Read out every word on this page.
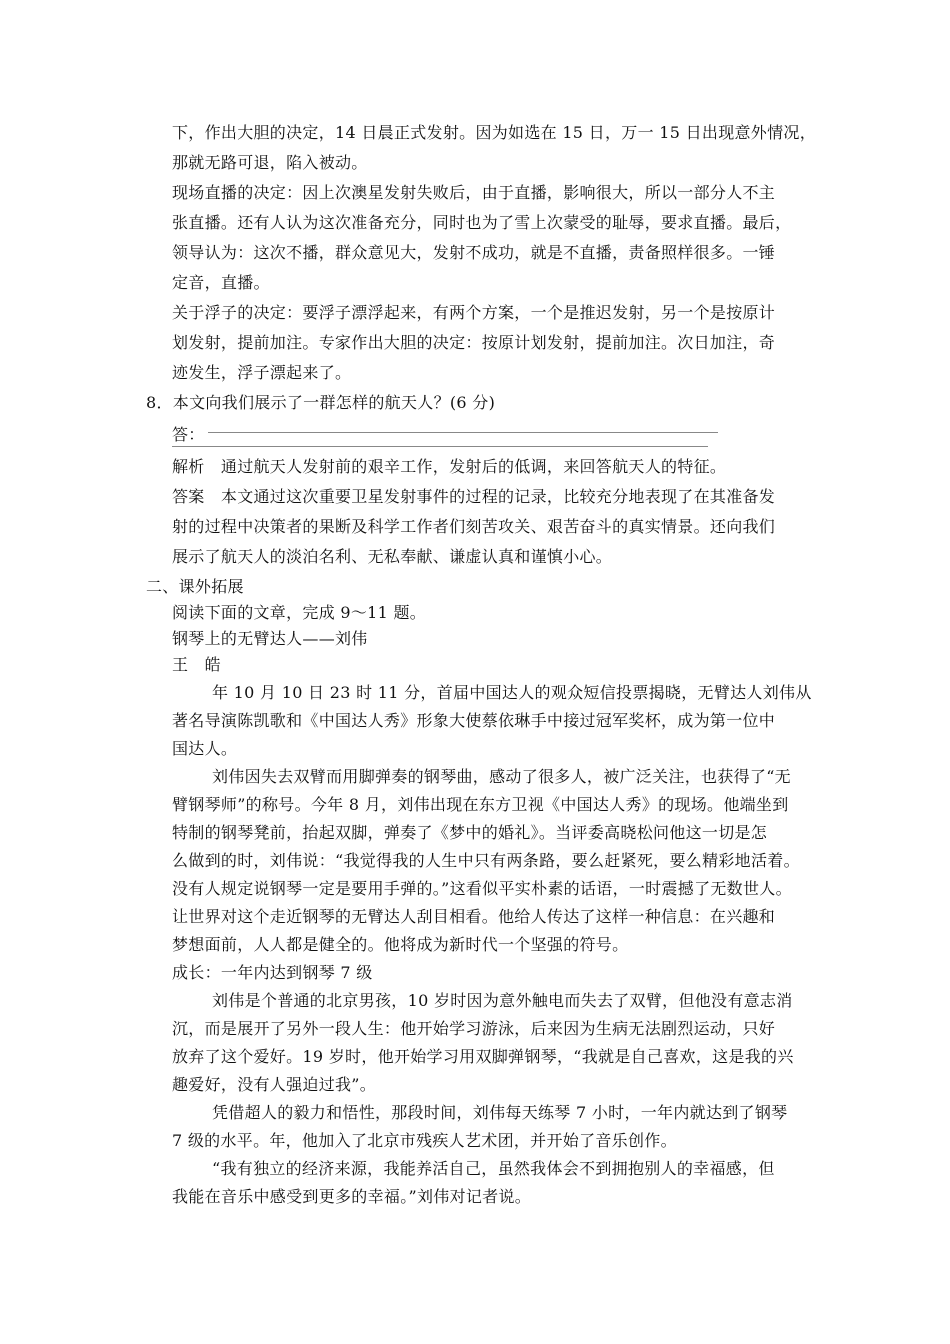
下，作出大胆的决定，14 日晨正式发射。因为如选在 15 日，万一 15 日出现意外情况，
那就无路可退，陷入被动。
现场直播的决定：因上次澳星发射失败后，由于直播，影响很大，所以一部分人不主
张直播。还有人认为这次准备充分，同时也为了雪上次蒙受的耻辱，要求直播。最后，
领导认为：这次不播，群众意见大，发射不成功，就是不直播，责备照样很多。一锤
定音，直播。
关于浮子的决定：要浮子漂浮起来，有两个方案，一个是推迟发射，另一个是按原计
划发射，提前加注。专家作出大胆的决定：按原计划发射，提前加注。次日加注，奇
迹发生，浮子漂起来了。
8．本文向我们展示了一群怎样的航天人？(6 分)
答：
解析　通过航天人发射前的艰辛工作，发射后的低调，来回答航天人的特征。
答案　本文通过这次重要卫星发射事件的过程的记录，比较充分地表现了在其准备发
射的过程中决策者的果断及科学工作者们刻苦攻关、艰苦奋斗的真实情景。还向我们
展示了航天人的淡泊名利、无私奉献、谦虚认真和谨慎小心。
二、课外拓展
阅读下面的文章，完成 9～11 题。
钢琴上的无臂达人——刘伟
王　皓
年 10 月 10 日 23 时 11 分，首届中国达人的观众短信投票揭晓，无臂达人刘伟从
著名导演陈凯歌和《中国达人秀》形象大使蔡依琳手中接过冠军奖杯，成为第一位中
国达人。
刘伟因失去双臂而用脚弹奏的钢琴曲，感动了很多人，被广泛关注，也获得了“无
臂钢琴师”的称号。今年 8 月，刘伟出现在东方卫视《中国达人秀》的现场。他端坐到
特制的钢琴凳前，抬起双脚，弹奏了《梦中的婚礼》。当评委高晓松问他这一切是怎
么做到的时，刘伟说：“我觉得我的人生中只有两条路，要么赶紧死，要么精彩地活着。
没有人规定说钢琴一定是要用手弹的。”这看似平实朴素的话语，一时震撼了无数世人。
让世界对这个走近钢琴的无臂达人刮目相看。他给人传达了这样一种信息：在兴趣和
梦想面前，人人都是健全的。他将成为新时代一个坚强的符号。
成长：一年内达到钢琴 7 级
刘伟是个普通的北京男孩，10 岁时因为意外触电而失去了双臂，但他没有意志消
沉，而是展开了另外一段人生：他开始学习游泳，后来因为生病无法剧烈运动，只好
放弃了这个爱好。19 岁时，他开始学习用双脚弹钢琴，“我就是自己喜欢，这是我的兴
趣爱好，没有人强迫过我”。
凭借超人的毅力和悟性，那段时间，刘伟每天练琴 7 小时，一年内就达到了钢琴
7 级的水平。年，他加入了北京市残疾人艺术团，并开始了音乐创作。
“我有独立的经济来源，我能养活自己，虽然我体会不到拥抱别人的幸福感，但
我能在音乐中感受到更多的幸福。”刘伟对记者说。
